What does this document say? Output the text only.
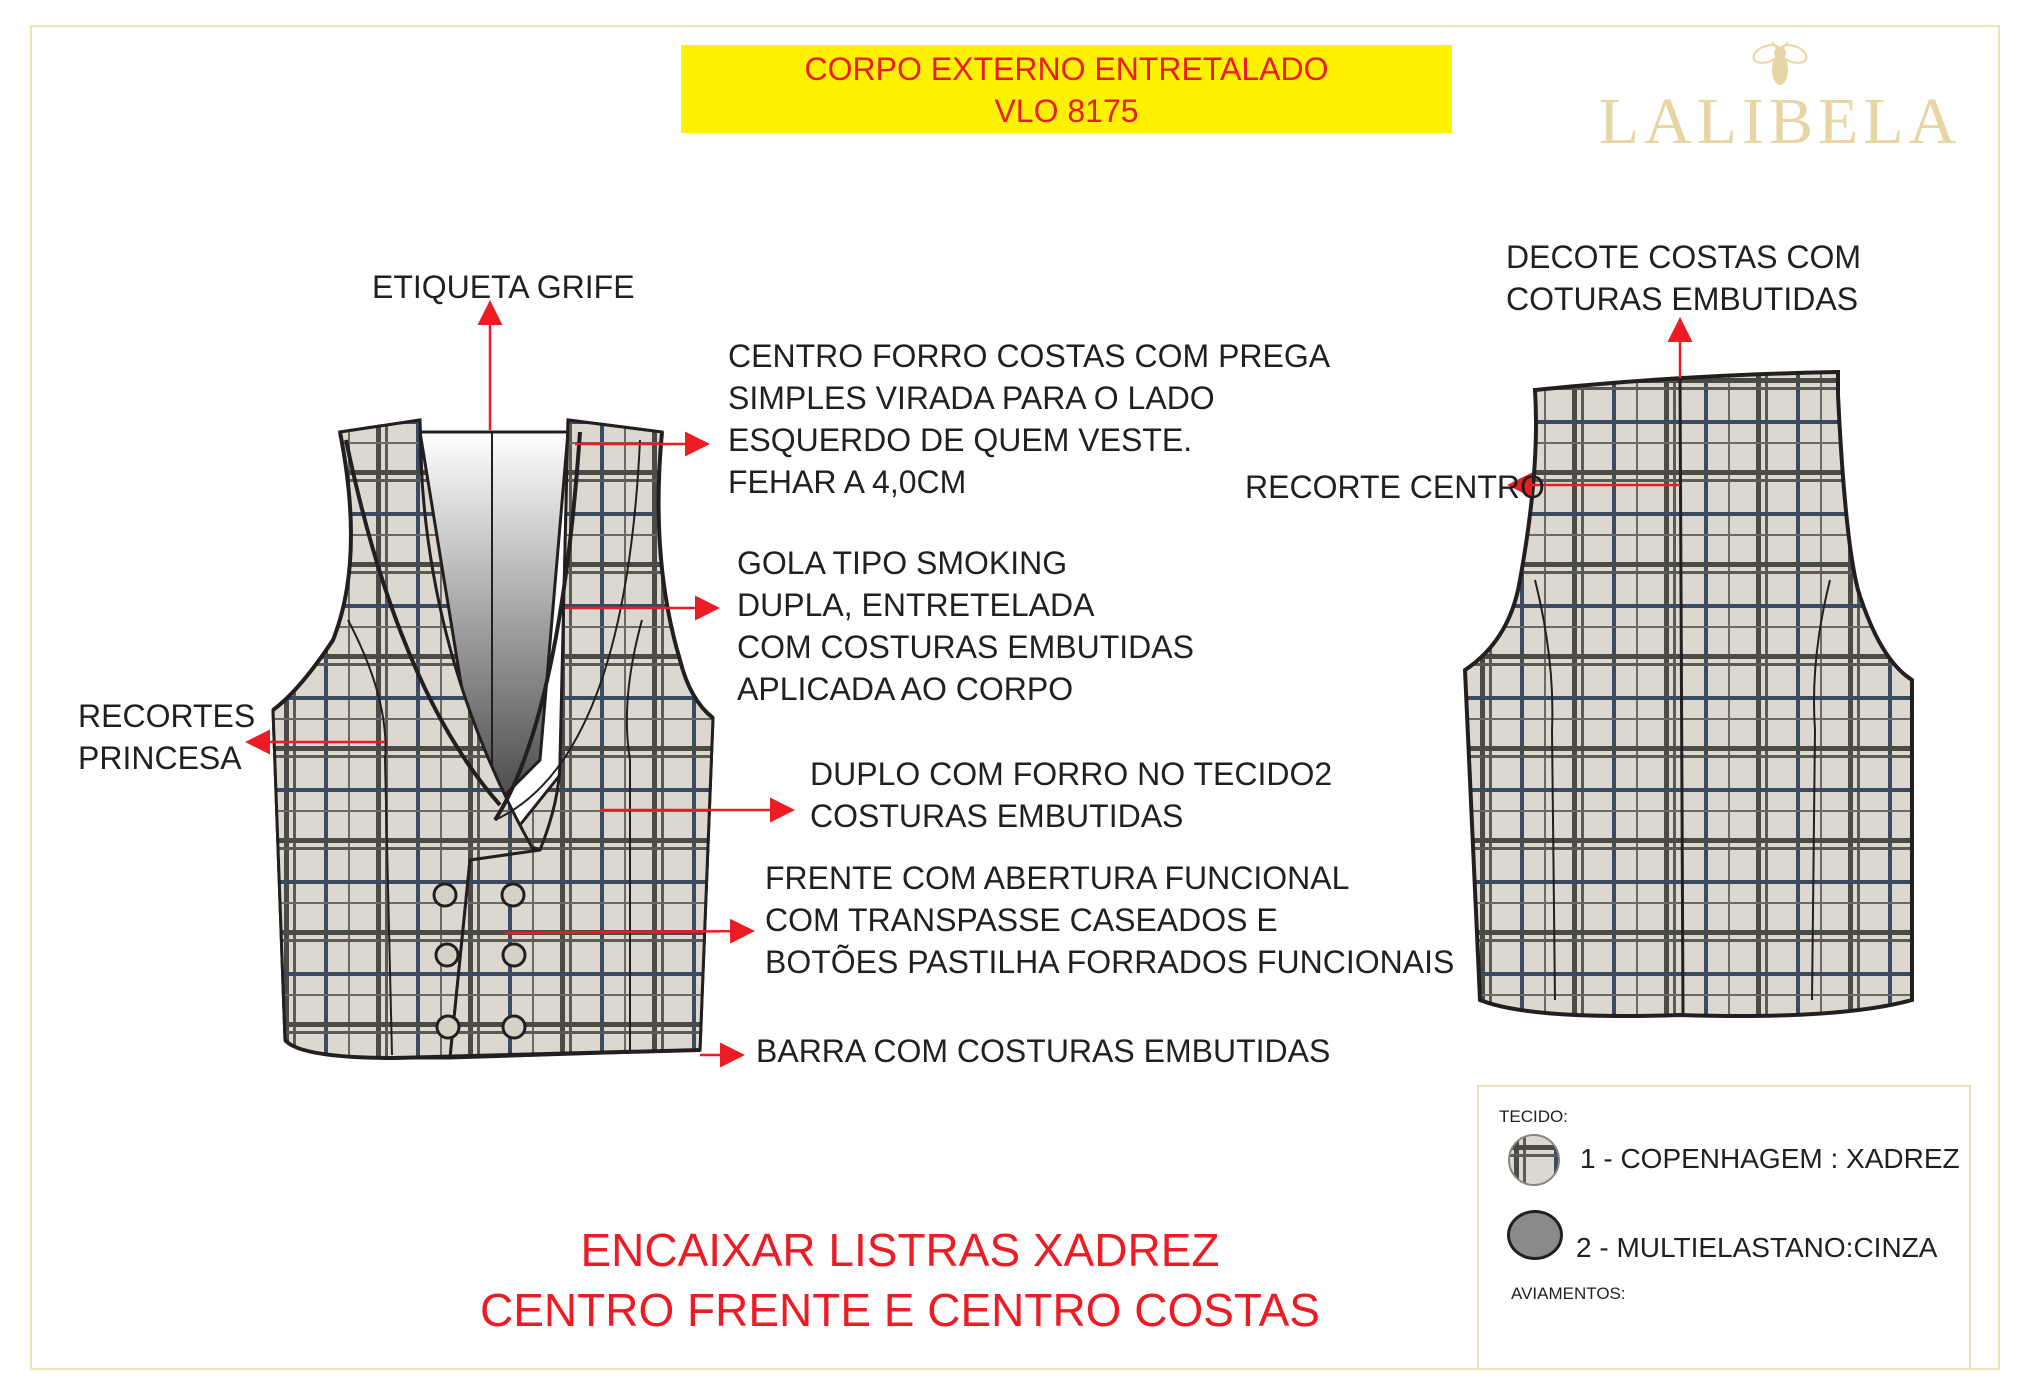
CORPO EXTERNO ENTRETALADO
VLO 8175	LALIBELA
ETIQUETA GRIFE
CENTRO FORRO COSTAS COM PREGA
SIMPLES VIRADA PARA O LADO
ESQUERDO DE QUEM VESTE.
FEHAR A 4,0CM
GOLA TIPO SMOKING
DUPLA, ENTRETELADA
COM COSTURAS EMBUTIDAS
APLICADA AO CORPO
RECORTES
PRINCESA	DUPLO COM FORRO NO TECIDO2
COSTURAS EMBUTIDAS
FRENTE COM ABERTURA FUNCIONAL
COM TRANSPASSE CASEADOS E
BOTÕES PASTILHA FORRADOS FUNCIONAIS
BARRA COM COSTURAS EMBUTIDAS
DECOTE COSTAS COM
COTURAS EMBUTIDAS
RECORTE CENTRO
ENCAIXAR LISTRAS XADREZ
CENTRO FRENTE E CENTRO COSTAS
TECIDO:
1 - COPENHAGEM : XADREZ
2 - MULTIELASTANO:CINZA
AVIAMENTOS:
